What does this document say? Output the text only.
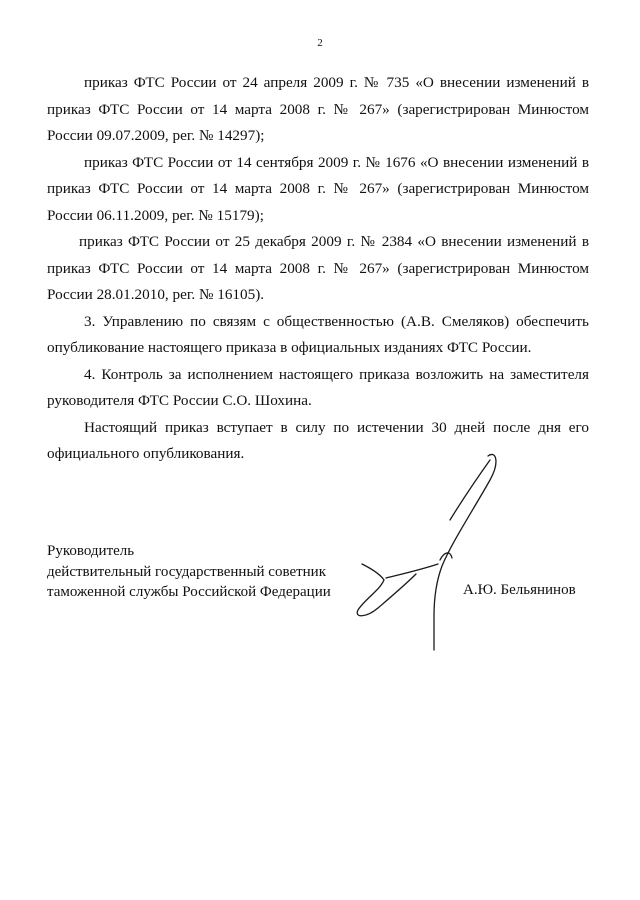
2

приказ ФТС России от 24 апреля 2009 г. № 735 «О внесении изменений в приказ ФТС России от 14 марта 2008 г. № 267» (зарегистрирован Минюстом России 09.07.2009, рег. № 14297);

приказ ФТС России от 14 сентября 2009 г. № 1676 «О внесении изменений в приказ ФТС России от 14 марта 2008 г. № 267» (зарегистрирован Минюстом России 06.11.2009, рег. № 15179);

приказ ФТС России от 25 декабря 2009 г. № 2384 «О внесении изменений в приказ ФТС России от 14 марта 2008 г. № 267» (зарегистрирован Минюстом России 28.01.2010, рег. № 16105).

3. Управлению по связям с общественностью (А.В. Смеляков) обеспечить опубликование настоящего приказа в официальных изданиях ФТС России.

4. Контроль за исполнением настоящего приказа возложить на заместителя руководителя ФТС России С.О. Шохина.

Настоящий приказ вступает в силу по истечении 30 дней после дня его официального опубликования.

Руководитель
действительный государственный советник
таможенной службы Российской Федерации	А.Ю. Бельянинов
